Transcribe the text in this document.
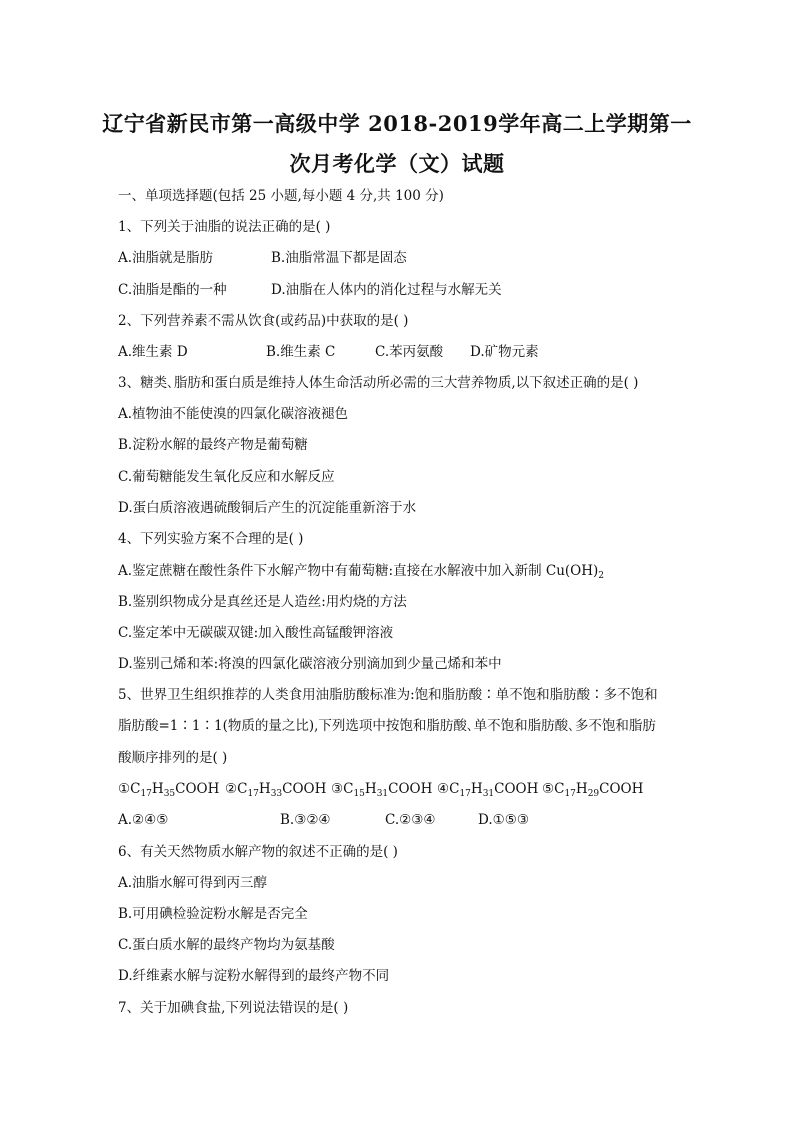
辽宁省新民市第一高级中学 2018-2019学年高二上学期第一
次月考化学（文）试题
一、单项选择题(包括 25 小题,每小题 4 分,共 100 分)
1、下列关于油脂的说法正确的是( )
A.油脂就是脂肪	B.油脂常温下都是固态
C.油脂是酯的一种	D.油脂在人体内的消化过程与水解无关
2、下列营养素不需从饮食(或药品)中获取的是( )
A.维生素 D	B.维生素 C	C.苯丙氨酸 D.矿物元素
3、糖类､脂肪和蛋白质是维持人体生命活动所必需的三大营养物质,以下叙述正确的是( )
A.植物油不能使溴的四氯化碳溶液褪色
B.淀粉水解的最终产物是葡萄糖
C.葡萄糖能发生氧化反应和水解反应
D.蛋白质溶液遇硫酸铜后产生的沉淀能重新溶于水
4、下列实验方案不合理的是( )
A.鉴定蔗糖在酸性条件下水解产物中有葡萄糖:直接在水解液中加入新制 $Cu(OH)_2$
B.鉴别织物成分是真丝还是人造丝:用灼烧的方法
C.鉴定苯中无碳碳双键:加入酸性高锰酸钾溶液
D.鉴别己烯和苯:将溴的四氯化碳溶液分别滴加到少量己烯和苯中
5、世界卫生组织推荐的人类食用油脂肪酸标准为:饱和脂肪酸∶单不饱和脂肪酸∶多不饱和
脂肪酸=1∶1∶1(物质的量之比),下列选项中按饱和脂肪酸､单不饱和脂肪酸､多不饱和脂肪
酸顺序排列的是( )
$①C_{17}H_{35}COOH$ $②C_{17}H_{33}COOH$ $③C_{15}H_{31}COOH$ $④C_{17}H_{31}COOH$ $⑤C_{17}H_{29}COOH$
A.②④⑤	B.③②④	C.②③④	D.①⑤③
6、有关天然物质水解产物的叙述不正确的是( )
A.油脂水解可得到丙三醇
B.可用碘检验淀粉水解是否完全
C.蛋白质水解的最终产物均为氨基酸
D.纤维素水解与淀粉水解得到的最终产物不同
7、关于加碘食盐,下列说法错误的是( )
